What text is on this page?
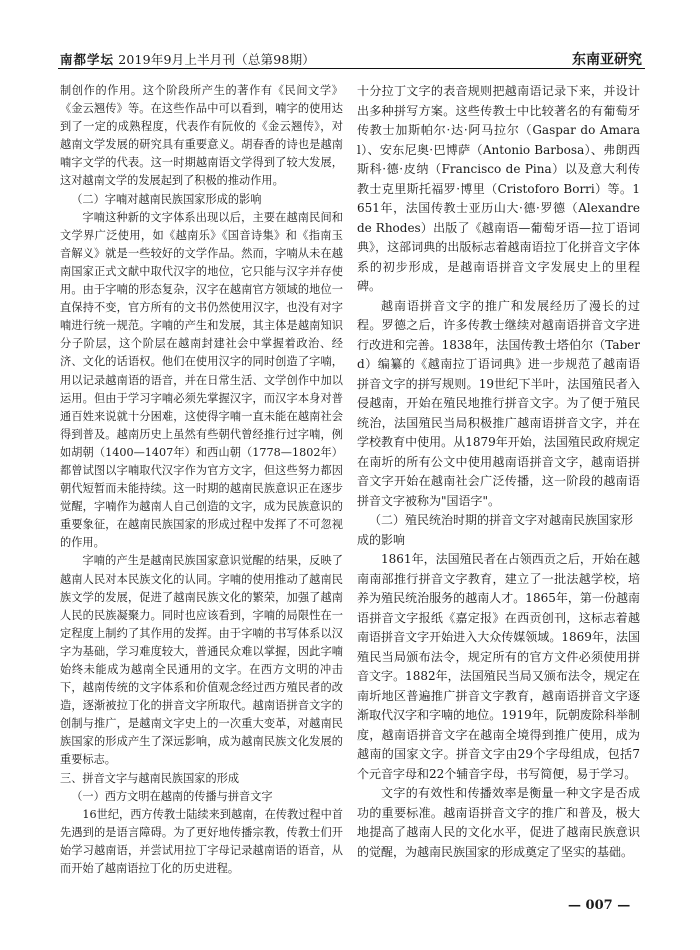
南都学坛 2019年9月上半月刊（总第98期）	东南亚研究

制创作的作用。这个阶段所产生的著作有《民间文学》《金云翘传》等。在这些作品中可以看到，喃字的使用达到了一定的成熟程度，代表作有阮攸的《金云翘传》，对越南文学发展的研究具有重要意义。胡春香的诗也是越南喃字文学的代表。这一时期越南语文学得到了较大发展，这对越南文学的发展起到了积极的推动作用。

（二）字喃对越南民族国家形成的影响

字喃这种新的文字体系出现以后，主要在越南民间和文学界广泛使用，如《越南乐》《国音诗集》和《指南玉音解义》就是一些较好的文学作品。然而，字喃从未在越南国家正式文献中取代汉字的地位，它只能与汉字并存使用。由于字喃的形态复杂，汉字在越南官方领域的地位一直保持不变，官方所有的文书仍然使用汉字，也没有对字喃进行统一规范。字喃的产生和发展，其主体是越南知识分子阶层，这个阶层在越南封建社会中掌握着政治、经济、文化的话语权。他们在使用汉字的同时创造了字喃，用以记录越南语的语音，并在日常生活、文学创作中加以运用。但由于学习字喃必须先掌握汉字，而汉字本身对普通百姓来说就十分困难，这使得字喃一直未能在越南社会得到普及。越南历史上虽然有些朝代曾经推行过字喃，例如胡朝（1400—1407年）和西山朝（1778—1802年）都曾试图以字喃取代汉字作为官方文字，但这些努力都因朝代短暂而未能持续。这一时期的越南民族意识正在逐步觉醒，字喃作为越南人自己创造的文字，成为民族意识的重要象征，在越南民族国家的形成过程中发挥了不可忽视的作用。

字喃的产生是越南民族国家意识觉醒的结果，反映了越南人民对本民族文化的认同。字喃的使用推动了越南民族文学的发展，促进了越南民族文化的繁荣，加强了越南人民的民族凝聚力。同时也应该看到，字喃的局限性在一定程度上制约了其作用的发挥。由于字喃的书写体系以汉字为基础，学习难度较大，普通民众难以掌握，因此字喃始终未能成为越南全民通用的文字。在西方文明的冲击下，越南传统的文字体系和价值观念经过西方殖民者的改造，逐渐被拉丁化的拼音文字所取代。越南语拼音文字的创制与推广，是越南文字史上的一次重大变革，对越南民族国家的形成产生了深远影响，成为越南民族文化发展的重要标志。

三、拼音文字与越南民族国家的形成
（一）西方文明在越南的传播与拼音文字

16世纪，西方传教士陆续来到越南，在传教过程中首先遇到的是语言障碍。为了更好地传播宗教，传教士们开始学习越南语，并尝试用拉丁字母记录越南语的语音，从而开始了越南语拉丁化的历史进程。

十分拉丁文字的表音规则把越南语记录下来，并设计出多种拼写方案。这些传教士中比较著名的有葡萄牙传教士加斯帕尔·达·阿马拉尔（Gaspar do Amaral）、安东尼奥·巴博萨（Antonio Barbosa）、弗朗西斯科·德·皮纳（Francisco de Pina）以及意大利传教士克里斯托福罗·博里（Cristoforo Borri）等。1651年，法国传教士亚历山大·德·罗德（Alexandre de Rhodes）出版了《越南语—葡萄牙语—拉丁语词典》，这部词典的出版标志着越南语拉丁化拼音文字体系的初步形成，是越南语拼音文字发展史上的里程碑。

越南语拼音文字的推广和发展经历了漫长的过程。罗德之后，许多传教士继续对越南语拼音文字进行改进和完善。1838年，法国传教士塔伯尔（Taberd）编纂的《越南拉丁语词典》进一步规范了越南语拼音文字的拼写规则。19世纪下半叶，法国殖民者入侵越南，开始在殖民地推行拼音文字。为了便于殖民统治，法国殖民当局积极推广越南语拼音文字，并在学校教育中使用。从1879年开始，法国殖民政府规定在南圻的所有公文中使用越南语拼音文字，越南语拼音文字开始在越南社会广泛传播，这一阶段的越南语拼音文字被称为"国语字"。

（二）殖民统治时期的拼音文字对越南民族国家形成的影响

1861年，法国殖民者在占领西贡之后，开始在越南南部推行拼音文字教育，建立了一批法越学校，培养为殖民统治服务的越南人才。1865年，第一份越南语拼音文字报纸《嘉定报》在西贡创刊，这标志着越南语拼音文字开始进入大众传媒领域。1869年，法国殖民当局颁布法令，规定所有的官方文件必须使用拼音文字。1882年，法国殖民当局又颁布法令，规定在南圻地区普遍推广拼音文字教育，越南语拼音文字逐渐取代汉字和字喃的地位。1919年，阮朝废除科举制度，越南语拼音文字在越南全境得到推广使用，成为越南的国家文字。拼音文字由29个字母组成，包括7个元音字母和22个辅音字母，书写简便，易于学习。

文字的有效性和传播效率是衡量一种文字是否成功的重要标准。越南语拼音文字的推广和普及，极大地提高了越南人民的文化水平，促进了越南民族意识的觉醒，为越南民族国家的形成奠定了坚实的基础。

— 007 —
